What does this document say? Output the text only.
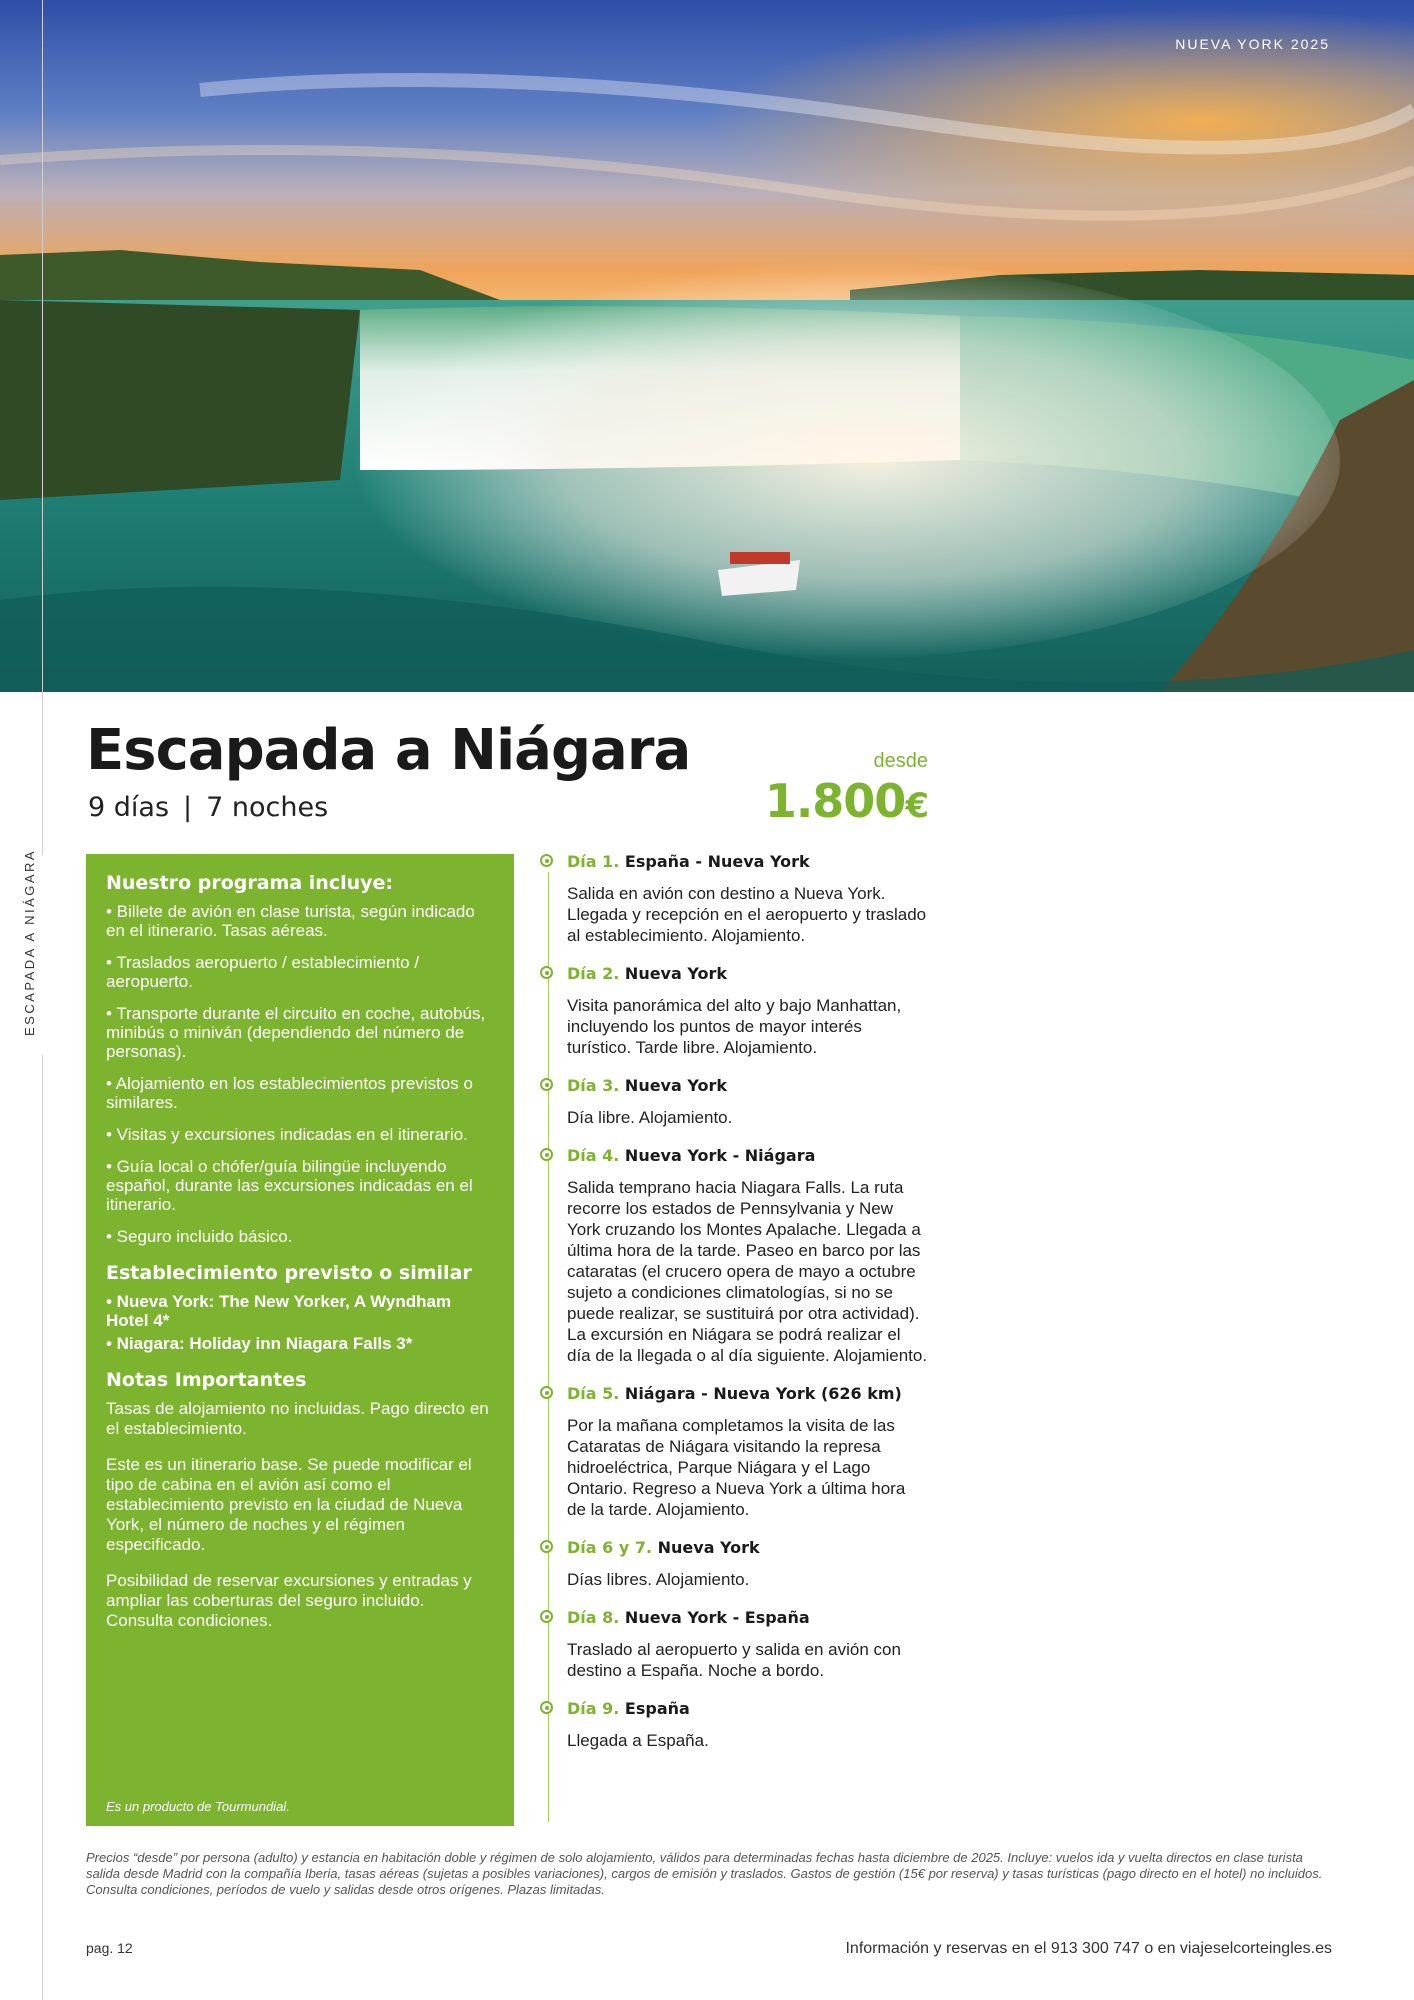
NUEVA YORK 2025
ESCAPADA A NIÁGARA
Escapada a Niágara
9 días | 7 noches
desde
1.800€
Nuestro programa incluye:
• Billete de avión en clase turista, según indicado en el itinerario. Tasas aéreas.
• Traslados aeropuerto / establecimiento / aeropuerto.
• Transporte durante el circuito en coche, autobús, minibús o miniván (dependiendo del número de personas).
• Alojamiento en los establecimientos previstos o similares.
• Visitas y excursiones indicadas en el itinerario.
• Guía local o chófer/guía bilingüe incluyendo español, durante las excursiones indicadas en el itinerario.
• Seguro incluido básico.
Establecimiento previsto o similar
• Nueva York: The New Yorker, A Wyndham Hotel 4*
• Niagara: Holiday inn Niagara Falls 3*
Notas Importantes

Tasas de alojamiento no incluidas. Pago directo en el establecimiento.

Este es un itinerario base. Se puede modificar el tipo de cabina en el avión así como el establecimiento previsto en la ciudad de Nueva York, el número de noches y el régimen especificado.

Posibilidad de reservar excursiones y entradas y ampliar las coberturas del seguro incluido. Consulta condiciones.

Es un producto de Tourmundial.
Día 1. España - Nueva York

Salida en avión con destino a Nueva York. Llegada y recepción en el aeropuerto y traslado al establecimiento. Alojamiento.

Día 2. Nueva York

Visita panorámica del alto y bajo Manhattan, incluyendo los puntos de mayor interés turístico. Tarde libre. Alojamiento.

Día 3. Nueva York

Día libre. Alojamiento.

Día 4. Nueva York - Niágara

Salida temprano hacia Niagara Falls. La ruta recorre los estados de Pennsylvania y New York cruzando los Montes Apalache. Llegada a última hora de la tarde. Paseo en barco por las cataratas (el crucero opera de mayo a octubre sujeto a condiciones climatologías, si no se puede realizar, se sustituirá por otra actividad). La excursión en Niágara se podrá realizar el día de la llegada o al día siguiente. Alojamiento.

Día 5. Niágara - Nueva York (626 km)

Por la mañana completamos la visita de las Cataratas de Niágara visitando la represa hidroeléctrica, Parque Niágara y el Lago Ontario. Regreso a Nueva York a última hora de la tarde. Alojamiento.

Día 6 y 7. Nueva York

Días libres. Alojamiento.

Día 8. Nueva York - España

Traslado al aeropuerto y salida en avión con destino a España. Noche a bordo.

Día 9. España

Llegada a España.

Precios “desde” por persona (adulto) y estancia en habitación doble y régimen de solo alojamiento, válidos para determinadas fechas hasta diciembre de 2025. Incluye: vuelos ida y vuelta directos en clase turista salida desde Madrid con la compañía Iberia, tasas aéreas (sujetas a posibles variaciones), cargos de emisión y traslados. Gastos de gestión (15€ por reserva) y tasas turísticas (pago directo en el hotel) no incluidos. Consulta condiciones, períodos de vuelo y salidas desde otros orígenes. Plazas limitadas.

pag. 12	Información y reservas en el 913 300 747 o en viajeselcorteingles.es
